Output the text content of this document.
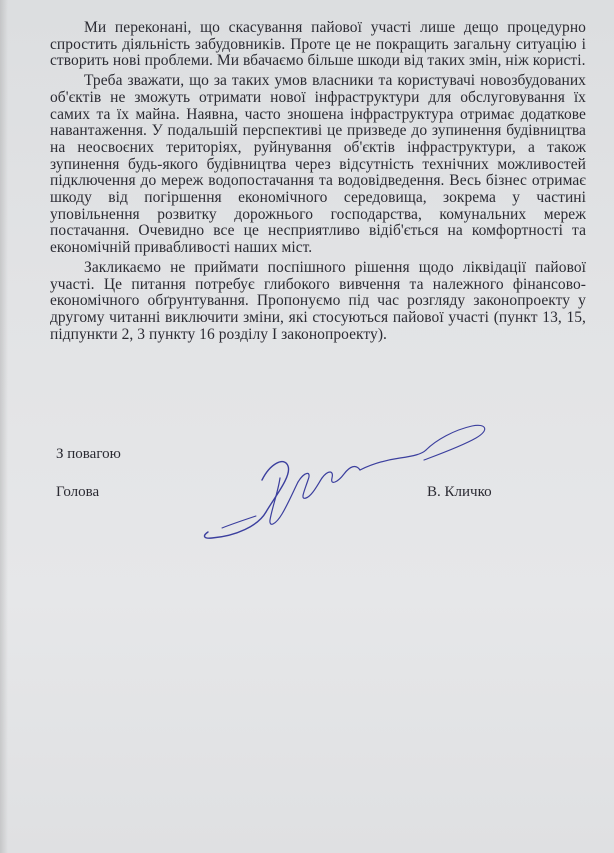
Ми переконані, що скасування пайової участі лише дещо процедурно спростить діяльність забудовників. Проте це не покращить загальну ситуацію і створить нові проблеми. Ми вбачаємо більше шкоди від таких змін, ніж користі.

Треба зважати, що за таких умов власники та користувачі новозбудованих об'єктів не зможуть отримати нової інфраструктури для обслуговування їх самих та їх майна. Наявна, часто зношена інфраструктура отримає додаткове навантаження. У подальшій перспективі це призведе до зупинення будівництва на неосвоєних територіях, руйнування об'єктів інфраструктури, а також зупинення будь-якого будівництва через відсутність технічних можливостей підключення до мереж водопостачання та водовідведення. Весь бізнес отримає шкоду від погіршення економічного середовища, зокрема у частині уповільнення розвитку дорожнього господарства, комунальних мереж постачання. Очевидно все це несприятливо відіб'ється на комфортності та економічній привабливості наших міст.

Закликаємо не приймати поспішного рішення щодо ліквідації пайової участі. Це питання потребує глибокого вивчення та належного фінансово-економічного обґрунтування. Пропонуємо під час розгляду законопроекту у другому читанні виключити зміни, які стосуються пайової участі (пункт 13, 15, підпункти 2, 3 пункту 16 розділу І законопроекту).

З повагою
Голова	В. Кличко
